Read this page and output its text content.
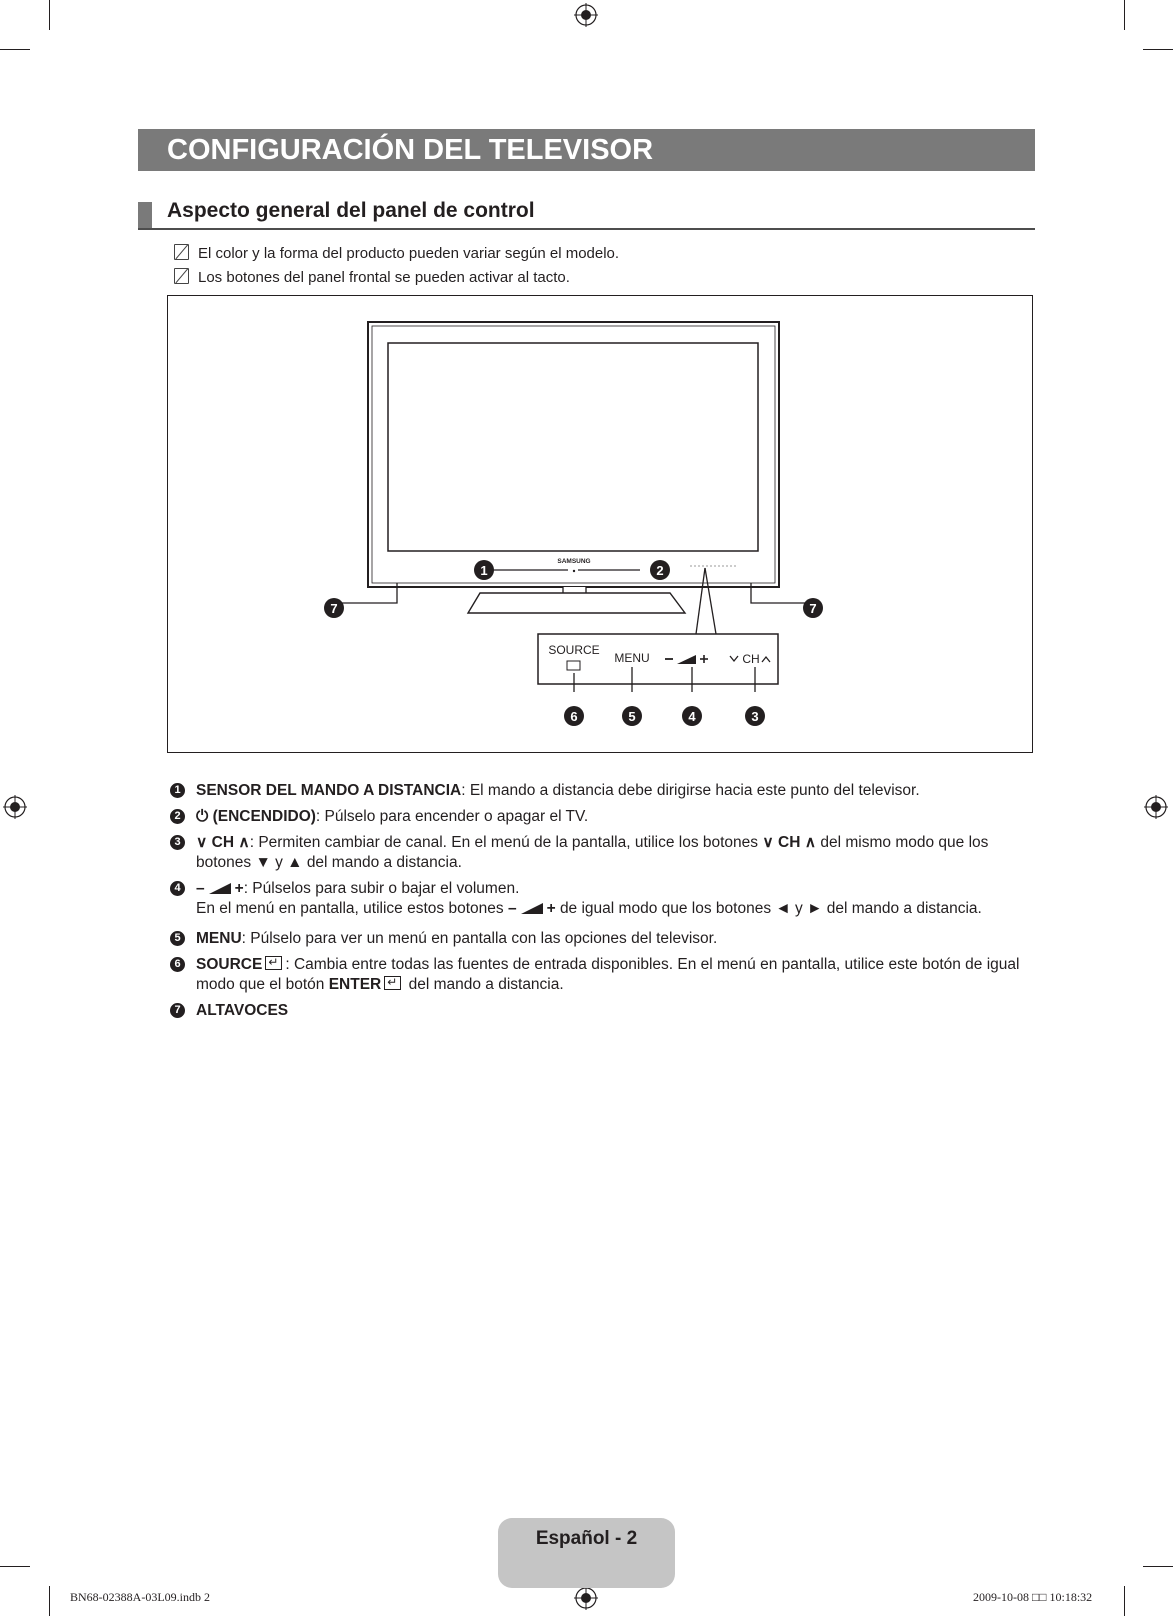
CONFIGURACIÓN DEL TELEVISOR
Aspecto general del panel de control
El color y la forma del producto pueden variar según el modelo.
Los botones del panel frontal se pueden activar al tacto.
SAMSUNG
SOURCE
MENU	CH
1	2
7	7
6	5	4	3
1 SENSOR DEL MANDO A DISTANCIA: El mando a distancia debe dirigirse hacia este punto del televisor.
2 ⏻ (ENCENDIDO): Púlselo para encender o apagar el TV.
3 ∨ CH ∧: Permiten cambiar de canal. En el menú de la pantalla, utilice los botones ∨ CH ∧ del mismo modo que los
botones ▼ y ▲ del mando a distancia.
4 – +: Púlselos para subir o bajar el volumen.
En el menú en pantalla, utilice estos botones – + de igual modo que los botones ◄ y ► del mando a distancia.
5 MENU: Púlselo para ver un menú en pantalla con las opciones del televisor.
6 SOURCE ↵ : Cambia entre todas las fuentes de entrada disponibles. En el menú en pantalla, utilice este botón de igual
modo que el botón ENTER ↵ del mando a distancia.
7 ALTAVOCES
Español - 2
BN68-02388A-03L09.indb 2	2009-10-08 □□ 10:18:32
